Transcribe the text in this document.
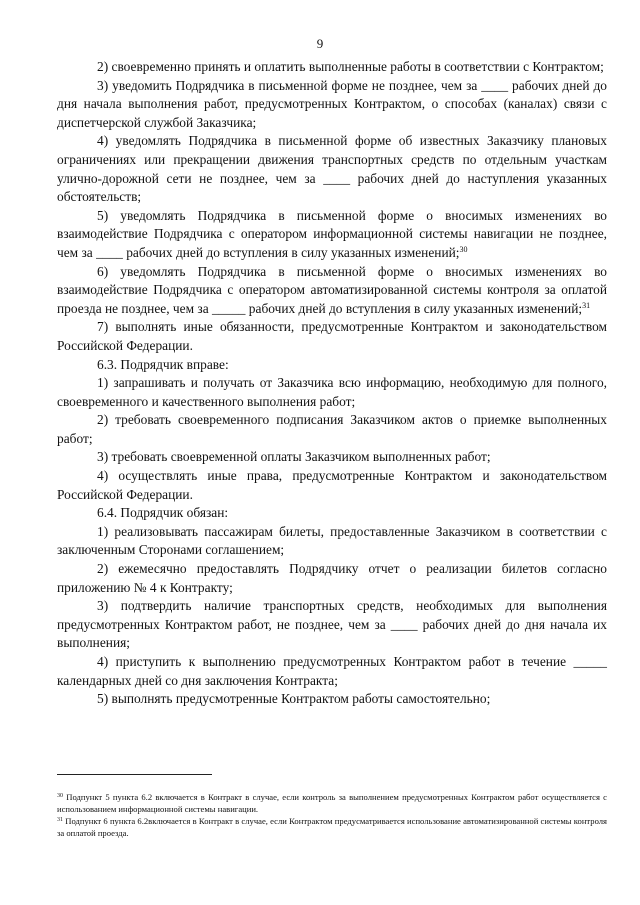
9

2) своевременно принять и оплатить выполненные работы в соответствии с Контрактом;

3) уведомить Подрядчика в письменной форме не позднее, чем за ____ рабочих дней до дня начала выполнения работ, предусмотренных Контрактом, о способах (каналах) связи с диспетчерской службой Заказчика;

4) уведомлять Подрядчика в письменной форме об известных Заказчику плановых ограничениях или прекращении движения транспортных средств по отдельным участкам улично-дорожной сети не позднее, чем за ____ рабочих дней до наступления указанных обстоятельств;

5) уведомлять Подрядчика в письменной форме о вносимых изменениях во взаимодействие Подрядчика с оператором информационной системы навигации не позднее, чем за ____ рабочих дней до вступления в силу указанных изменений;$^{30}$

6) уведомлять Подрядчика в письменной форме о вносимых изменениях во взаимодействие Подрядчика с оператором автоматизированной системы контроля за оплатой проезда не позднее, чем за _____ рабочих дней до вступления в силу указанных изменений;$^{31}$

7) выполнять иные обязанности, предусмотренные Контрактом и законодательством Российской Федерации.

6.3. Подрядчик вправе:

1) запрашивать и получать от Заказчика всю информацию, необходимую для полного, своевременного и качественного выполнения работ;

2) требовать своевременного подписания Заказчиком актов о приемке выполненных работ;

3) требовать своевременной оплаты Заказчиком выполненных работ;

4) осуществлять иные права, предусмотренные Контрактом и законодательством Российской Федерации.

6.4. Подрядчик обязан:

1) реализовывать пассажирам билеты, предоставленные Заказчиком в соответствии с заключенным Сторонами соглашением;

2) ежемесячно предоставлять Подрядчику отчет о реализации билетов согласно приложению № 4 к Контракту;

3) подтвердить наличие транспортных средств, необходимых для выполнения предусмотренных Контрактом работ, не позднее, чем за ____ рабочих дней до дня начала их выполнения;

4) приступить к выполнению предусмотренных Контрактом работ в течение _____ календарных дней со дня заключения Контракта;

5) выполнять предусмотренные Контрактом работы самостоятельно;

$^{30}$ Подпункт 5 пункта 6.2 включается в Контракт в случае, если контроль за выполнением предусмотренных Контрактом работ осуществляется с использованием информационной системы навигации.

$^{31}$ Подпункт 6 пункта 6.2включается в Контракт в случае, если Контрактом предусматривается использование автоматизированной системы контроля за оплатой проезда.
